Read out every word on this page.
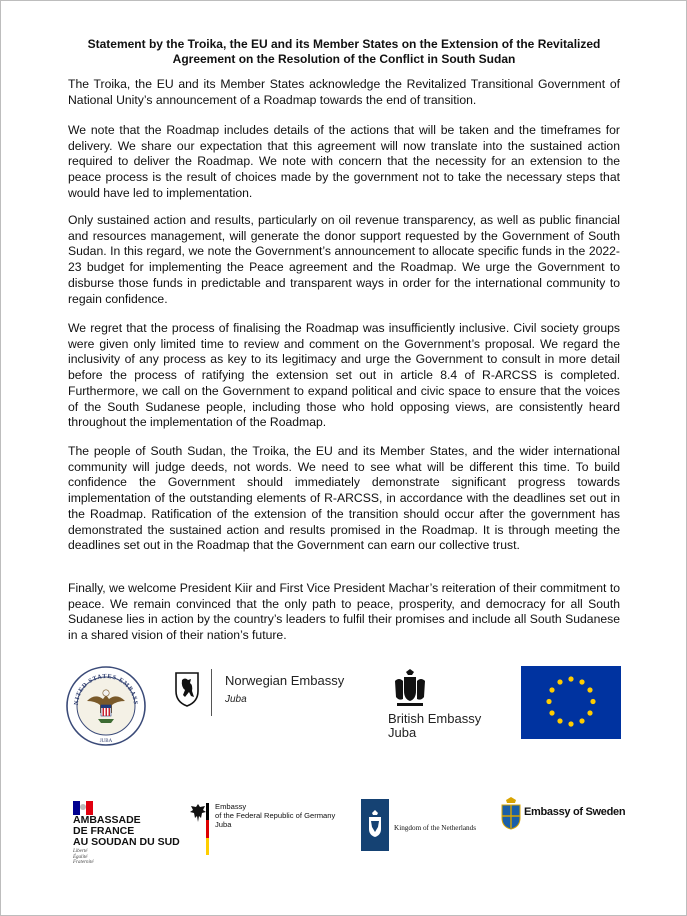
Statement by the Troika, the EU and its Member States on the Extension of the Revitalized Agreement on the Resolution of the Conflict in South Sudan

The Troika, the EU and its Member States acknowledge the Revitalized Transitional Government of National Unity’s announcement of a Roadmap towards the end of transition.

We note that the Roadmap includes details of the actions that will be taken and the timeframes for delivery. We share our expectation that this agreement will now translate into the sustained action required to deliver the Roadmap. We note with concern that the necessity for an extension to the peace process is the result of choices made by the government not to take the necessary steps that would have led to implementation.

Only sustained action and results, particularly on oil revenue transparency, as well as public financial and resources management, will generate the donor support requested by the Government of South Sudan. In this regard, we note the Government’s announcement to allocate specific funds in the 2022-23 budget for implementing the Peace agreement and the Roadmap. We urge the Government to disburse those funds in predictable and transparent ways in order for the international community to regain confidence.

We regret that the process of finalising the Roadmap was insufficiently inclusive. Civil society groups were given only limited time to review and comment on the Government’s proposal. We regard the inclusivity of any process as key to its legitimacy and urge the Government to consult in more detail before the process of ratifying the extension set out in article 8.4 of R-ARCSS is completed. Furthermore, we call on the Government to expand political and civic space to ensure that the voices of the South Sudanese people, including those who hold opposing views, are consistently heard throughout the implementation of the Roadmap.

The people of South Sudan, the Troika, the EU and its Member States, and the wider international community will judge deeds, not words. We need to see what will be different this time. To build confidence the Government should immediately demonstrate significant progress towards implementation of the outstanding elements of R-ARCSS, in accordance with the deadlines set out in the Roadmap. Ratification of the extension of the transition should occur after the government has demonstrated the sustained action and results promised in the Roadmap. It is through meeting the deadlines set out in the Roadmap that the Government can earn our collective trust.

Finally, we welcome President Kiir and First Vice President Machar’s reiteration of their commitment to peace. We remain convinced that the only path to peace, prosperity, and democracy for all South Sudanese lies in action by the country’s leaders to fulfil their promises and include all South Sudanese in a shared vision of their nation’s future.

NITED STATES EMBASS
JUBA
Norwegian Embassy
Juba
British Embassy
Juba
AMBASSADE
DE FRANCE
AU SOUDAN DU SUD
Liberté
Égalité
Fraternité
Embassy
of the Federal Republic of Germany
Juba	Kingdom of the Netherlands
Embassy of Sweden
